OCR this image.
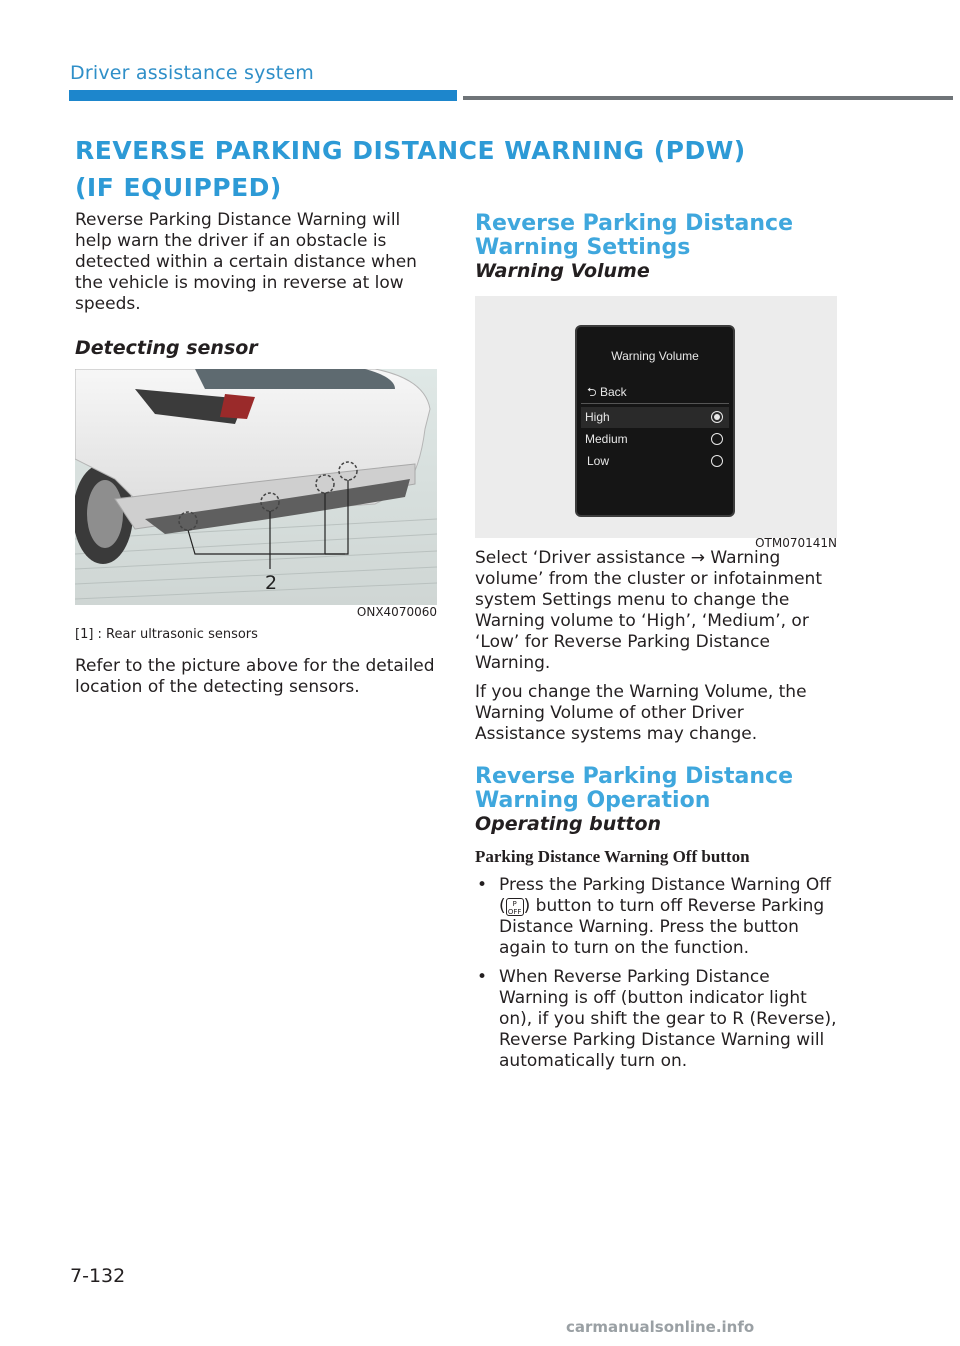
Driver assistance system
REVERSE PARKING DISTANCE WARNING (PDW) (IF EQUIPPED)

Reverse Parking Distance Warning will help warn the driver if an obstacle is detected within a certain distance when the vehicle is moving in reverse at low speeds.

Detecting sensor

2
ONX4070060

[1] : Rear ultrasonic sensors

Refer to the picture above for the detailed location of the detecting sensors.

Reverse Parking Distance

Warning Settings

Warning Volume

Warning Volume
⮌ Back
High
Medium
Low
OTM070141N

Select ‘Driver assistance → Warning volume’ from the cluster or infotainment system Settings menu to change the Warning volume to ‘High’, ‘Medium’, or ‘Low’ for Reverse Parking Distance Warning.

If you change the Warning Volume, the Warning Volume of other Driver Assistance systems may change.

Reverse Parking Distance

Warning Operation

Operating button

Parking Distance Warning Off button

• Press the Parking Distance Warning Off ( P OFF ) button to turn off Reverse Parking Distance Warning. Press the button again to turn on the function.
• When Reverse Parking Distance Warning is off (button indicator light on), if you shift the gear to R (Reverse), Reverse Parking Distance Warning will automatically turn on.
7-132
carmanualsonline.info
